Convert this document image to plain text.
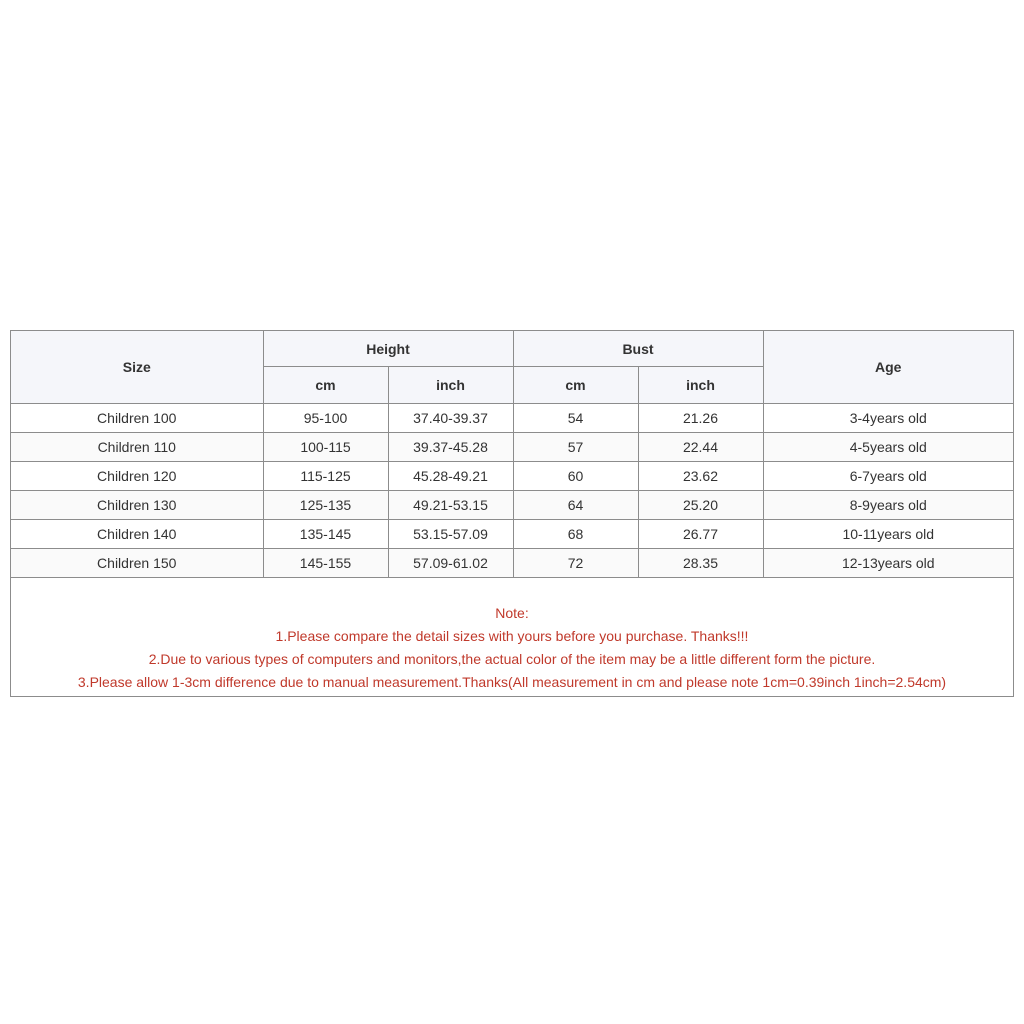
Size	Height		Bust		Age
	cm	inch	cm	inch	
Children 100	95-100	37.40-39.37	54	21.26	3-4years old
Children 110	100-115	39.37-45.28	57	22.44	4-5years old
Children 120	115-125	45.28-49.21	60	23.62	6-7years old
Children 130	125-135	49.21-53.15	64	25.20	8-9years old
Children 140	135-145	53.15-57.09	68	26.77	10-11years old
Children 150	145-155	57.09-61.02	72	28.35	12-13years old
Note:
1.Please compare the detail sizes with yours before you purchase. Thanks!!!
2.Due to various types of computers and monitors,the actual color of the item may be a little different form the picture.
3.Please allow 1-3cm difference due to manual measurement.Thanks(All measurement in cm and please note 1cm=0.39inch 1inch=2.54cm)
